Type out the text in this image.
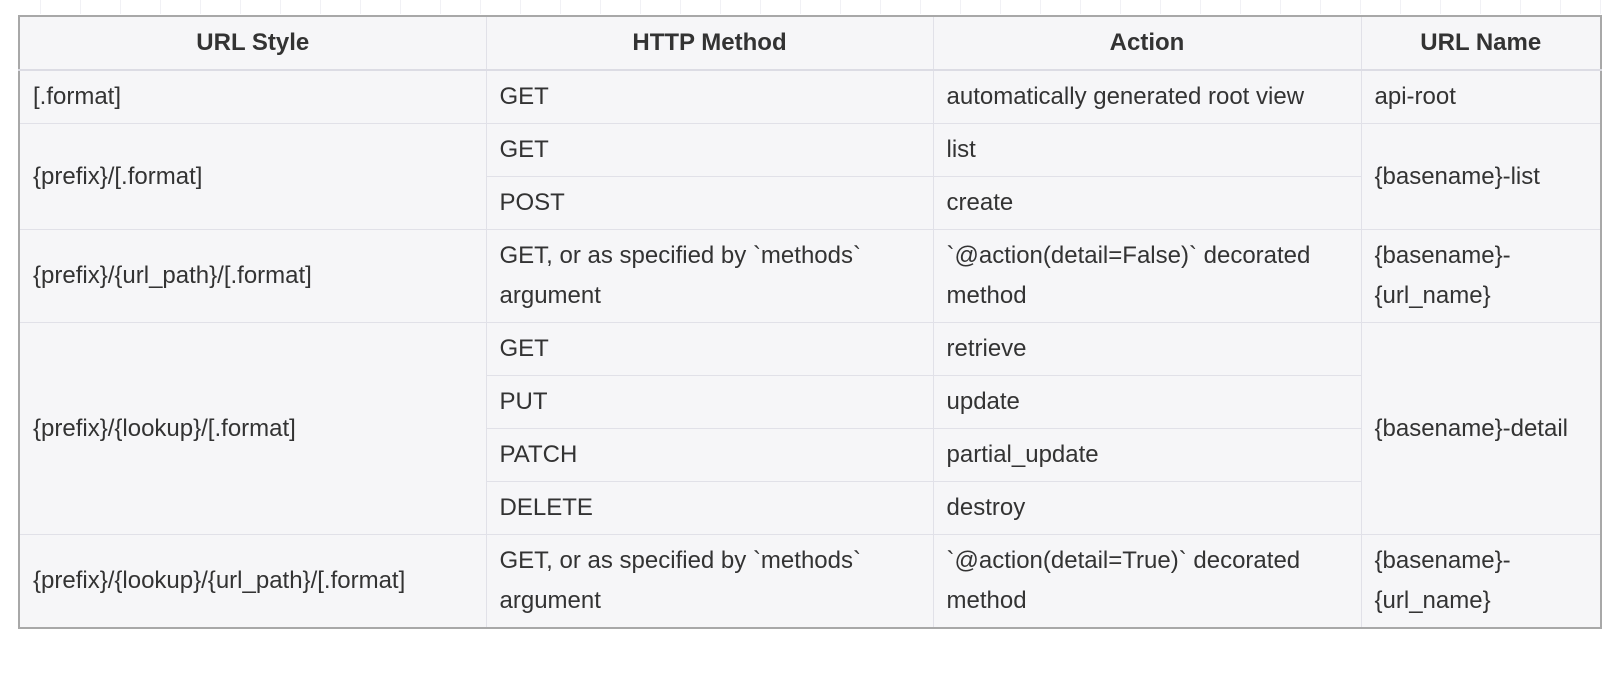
URL Style	HTTP Method	Action	URL Name
[.format]	GET	automatically generated root view	api-root
{prefix}/[.format]	GET	list	{basename}-list
	POST	create	
{prefix}/{url_path}/[.format]	GET, or as specified by `methods` argument	`@action(detail=False)` decorated method	{basename}-{url_name}
{prefix}/{lookup}/[.format]	GET	retrieve	{basename}-detail
	PUT	update	
	PATCH	partial_update	
	DELETE	destroy	
{prefix}/{lookup}/{url_path}/[.format]	GET, or as specified by `methods` argument	`@action(detail=True)` decorated method	{basename}-{url_name}
